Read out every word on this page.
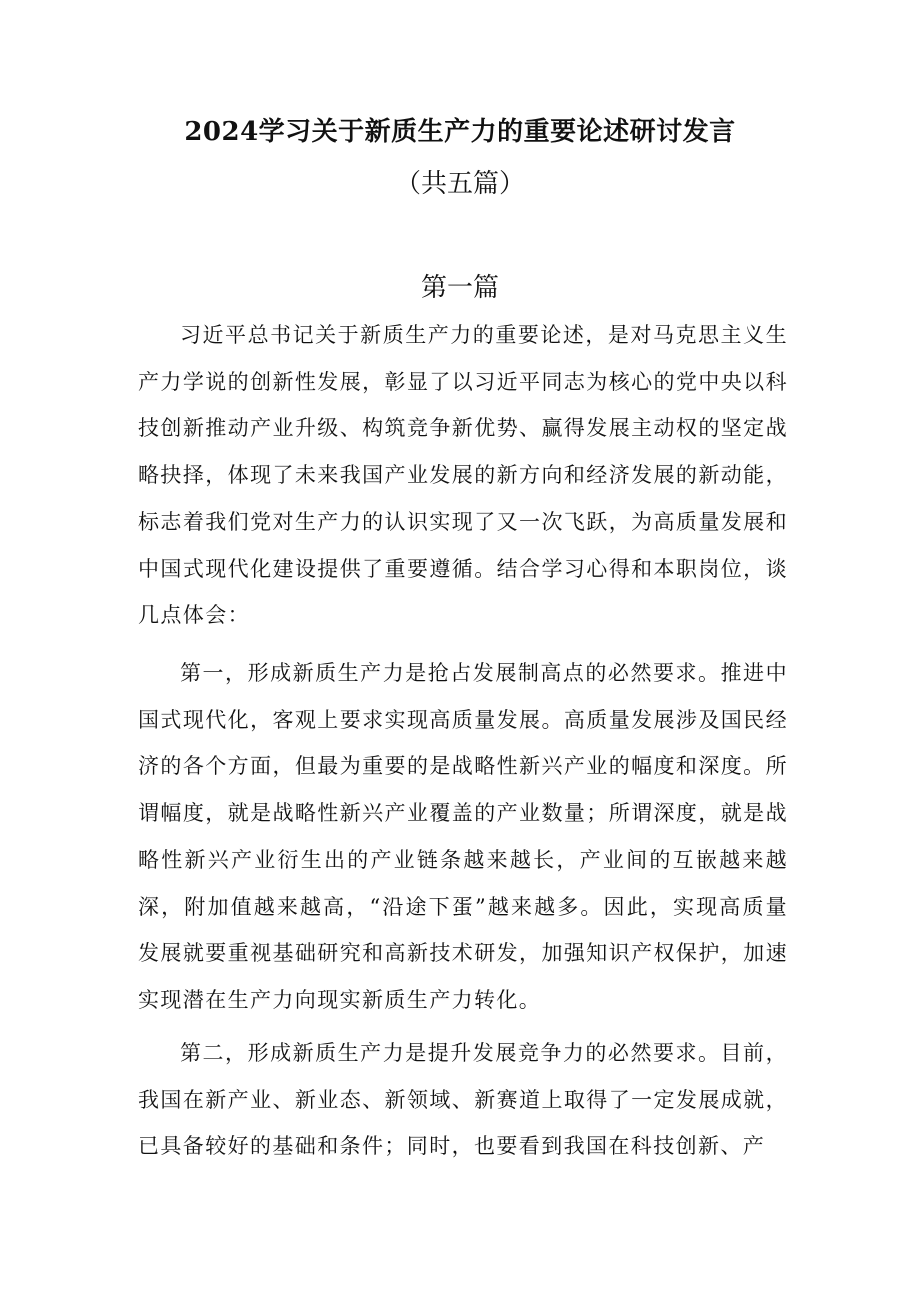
2024学习关于新质生产力的重要论述研讨发言
（共五篇）
第一篇

习近平总书记关于新质生产力的重要论述，是对马克思主义生产力学说的创新性发展，彰显了以习近平同志为核心的党中央以科技创新推动产业升级、构筑竞争新优势、赢得发展主动权的坚定战略抉择，体现了未来我国产业发展的新方向和经济发展的新动能，标志着我们党对生产力的认识实现了又一次飞跃，为高质量发展和中国式现代化建设提供了重要遵循。结合学习心得和本职岗位，谈几点体会：

第一，形成新质生产力是抢占发展制高点的必然要求。推进中国式现代化，客观上要求实现高质量发展。高质量发展涉及国民经济的各个方面，但最为重要的是战略性新兴产业的幅度和深度。所谓幅度，就是战略性新兴产业覆盖的产业数量；所谓深度，就是战略性新兴产业衍生出的产业链条越来越长，产业间的互嵌越来越深，附加值越来越高，“沿途下蛋”越来越多。因此，实现高质量发展就要重视基础研究和高新技术研发，加强知识产权保护，加速实现潜在生产力向现实新质生产力转化。

第二，形成新质生产力是提升发展竞争力的必然要求。目前，我国在新产业、新业态、新领域、新赛道上取得了一定发展成就，已具备较好的基础和条件；同时，也要看到我国在科技创新、产
